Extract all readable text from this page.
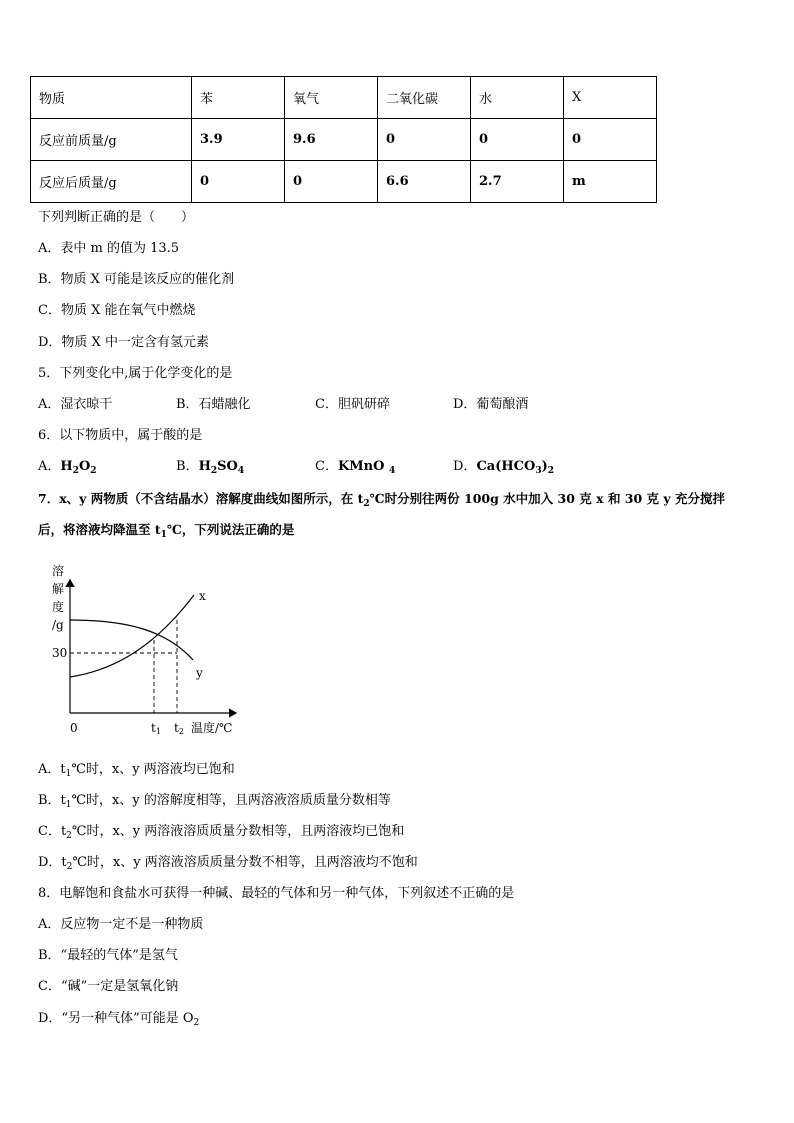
物质	苯	氧气	二氧化碳	水	X
反应前质量/g	3.9	9.6	0	0	0
反应后质量/g	0	0	6.6	2.7	m
下列判断正确的是（　　）
A．表中 m 的值为 13.5
B．物质 X 可能是该反应的催化剂
C．物质 X 能在氧气中燃烧
D．物质 X 中一定含有氢元素
5．下列变化中,属于化学变化的是
A．湿衣晾干	B．石蜡融化	C．胆矾研碎	D．葡萄酿酒
6．以下物质中，属于酸的是
A．$H_2O_2$	B．$H_2SO_4$	C．KMnO $_4$	D．$Ca(HCO_3)_2$
7．x、y 两物质（不含结晶水）溶解度曲线如图所示，在 $t_2℃$时分别往两份 100g 水中加入 30 克 x 和 30 克 y 充分搅拌
后，将溶液均降温至 $t_1℃$，下列说法正确的是
溶
解
度
/g
30
0	t1 t2 温度/℃
x
y
A．$t_1℃$时，x、y 两溶液均已饱和
B．$t_1℃$时，x、y 的溶解度相等，且两溶液溶质质量分数相等
C．$t_2℃$时，x、y 两溶液溶质质量分数相等，且两溶液均已饱和
D．$t_2℃$时，x、y 两溶液溶质质量分数不相等，且两溶液均不饱和
8．电解饱和食盐水可获得一种碱、最轻的气体和另一种气体，下列叙述不正确的是
A．反应物一定不是一种物质
B．“最轻的气体”是氢气
C．“碱”一定是氢氧化钠
D．“另一种气体”可能是 $O_2$
